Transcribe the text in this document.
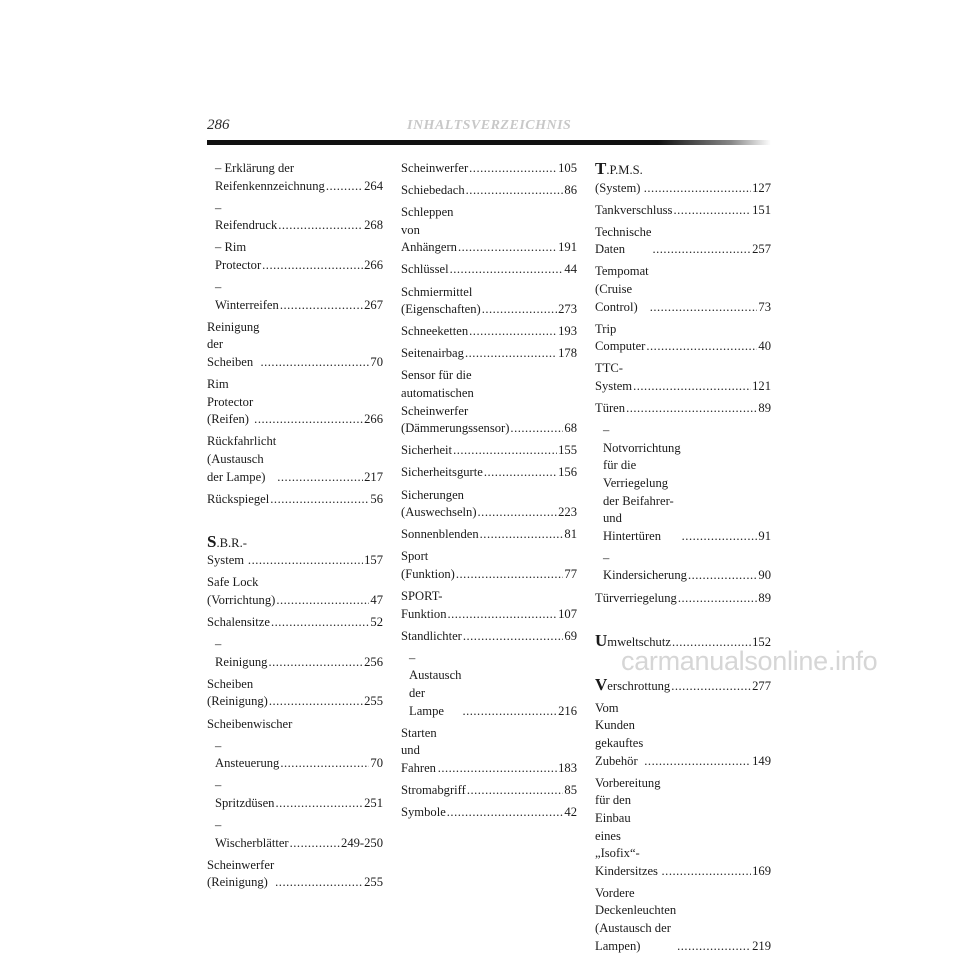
286	INHALTSVERZEICHNIS
– Erklärung der
Reifenkennzeichnung .....	264
– Reifendruck .....	268
– Rim Protector .....	266
– Winterreifen .....	267
Reinigung der Scheiben .....	70
Rim Protector (Reifen) .....	266
Rückfahrlicht (Austausch
der Lampe) .....	217
Rückspiegel .....	56
S.B.R.-System .....	157
Safe Lock (Vorrichtung) .....	47
Schalensitze .....	52
– Reinigung .....	256
Scheiben (Reinigung) .....	255
Scheibenwischer
– Ansteuerung .....	70
– Spritzdüsen .....	251
– Wischerblätter .....	249-250
Scheinwerfer (Reinigung) .....	255
Scheinwerfer .....	105
Schiebedach .....	86
Schleppen von Anhängern .....	191
Schlüssel .....	44
Schmiermittel (Eigenschaften) .....	273
Schneeketten .....	193
Seitenairbag .....	178
Sensor für die automatischen
Scheinwerfer
(Dämmerungssensor) .....	68
Sicherheit .....	155
Sicherheitsgurte .....	156
Sicherungen (Auswechseln) .....	223
Sonnenblenden .....	81
Sport (Funktion) .....	77
SPORT-Funktion .....	107
Standlichter .....	69
– Austausch der Lampe .....	216
Starten und Fahren .....	183
Stromabgriff .....	85
Symbole .....	42
T.P.M.S. (System) .....	127
Tankverschluss .....	151
Technische Daten .....	257
Tempomat (Cruise Control) .....	73
Trip Computer .....	40
TTC-System .....	121
Türen .....	89
– Notvorrichtung für die
Verriegelung der Beifahrer-
und Hintertüren .....	91
– Kindersicherung .....	90
Türverriegelung .....	89
Umweltschutz .....	152
Verschrottung .....	277
Vom Kunden gekauftes
Zubehör .....	149
Vorbereitung für den Einbau
eines „Isofix“-Kindersitzes .....	169
Vordere Deckenleuchten
(Austausch der Lampen) .....	219
carmanualsonline.info
